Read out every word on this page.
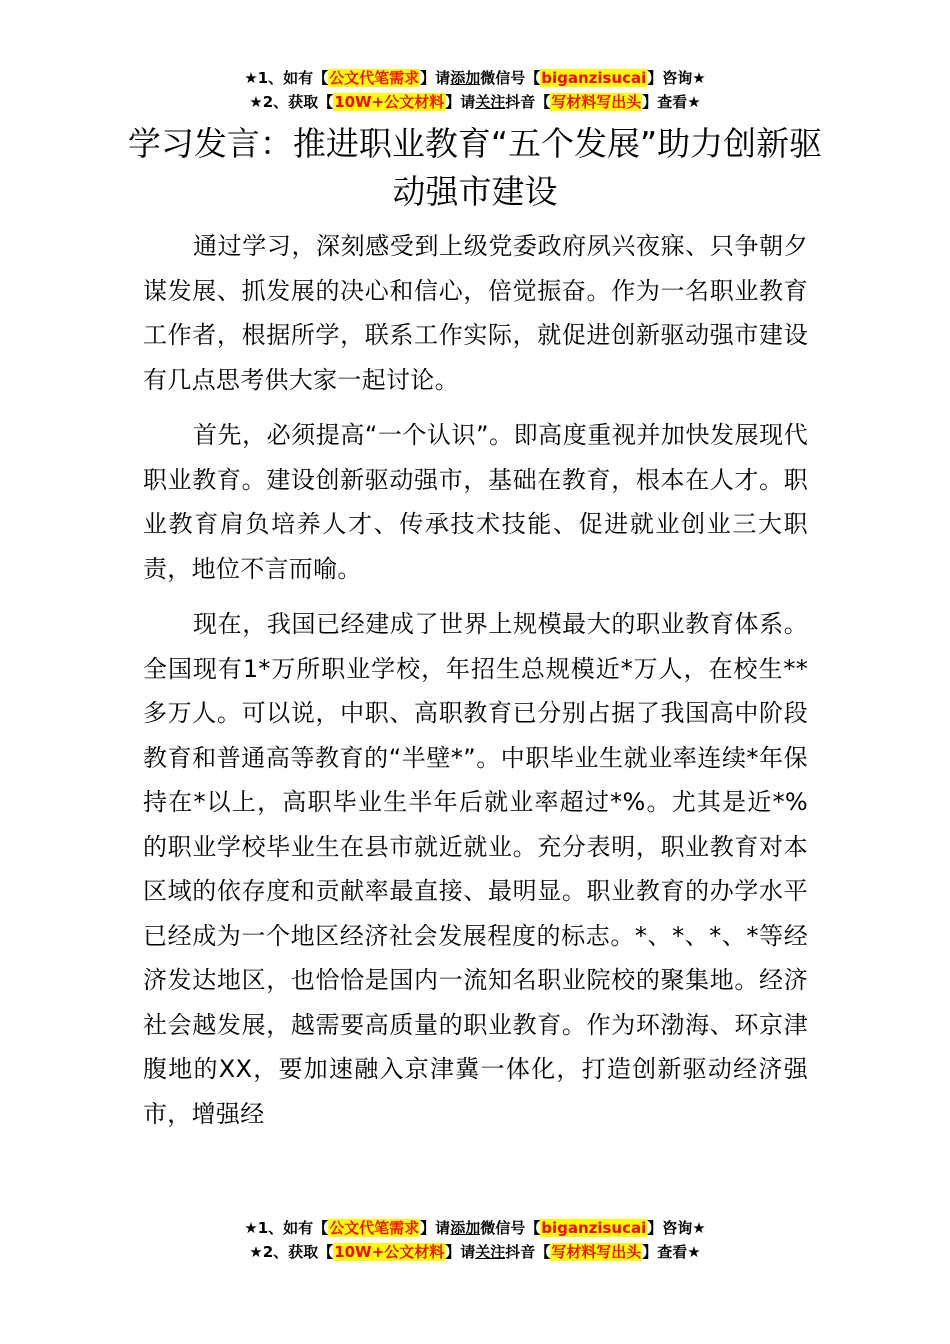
★1、如有【公文代笔需求】请添加微信号【biganzisucai】咨询★
★2、获取【10W+公文材料】请关注抖音【写材料写出头】查看★
学习发言：推进职业教育“五个发展”助力创新驱动强市建设

通过学习，深刻感受到上级党委政府夙兴夜寐、只争朝夕谋发展、抓发展的决心和信心，倍觉振奋。作为一名职业教育工作者，根据所学，联系工作实际，就促进创新驱动强市建设有几点思考供大家一起讨论。

首先，必须提高“一个认识”。即高度重视并加快发展现代职业教育。建设创新驱动强市，基础在教育，根本在人才。职业教育肩负培养人才、传承技术技能、促进就业创业三大职责，地位不言而喻。

现在，我国已经建成了世界上规模最大的职业教育体系。全国现有1*万所职业学校，年招生总规模近*万人，在校生**多万人。可以说，中职、高职教育已分别占据了我国高中阶段教育和普通高等教育的“半壁*”。中职毕业生就业率连续*年保持在*以上，高职毕业生半年后就业率超过*%。尤其是近*%的职业学校毕业生在县市就近就业。充分表明，职业教育对本区域的依存度和贡献率最直接、最明显。职业教育的办学水平已经成为一个地区经济社会发展程度的标志。*、*、*、*等经济发达地区，也恰恰是国内一流知名职业院校的聚集地。经济社会越发展，越需要高质量的职业教育。作为环渤海、环京津腹地的XX，要加速融入京津冀一体化，打造创新驱动经济强市，增强经

★1、如有【公文代笔需求】请添加微信号【biganzisucai】咨询★
★2、获取【10W+公文材料】请关注抖音【写材料写出头】查看★
